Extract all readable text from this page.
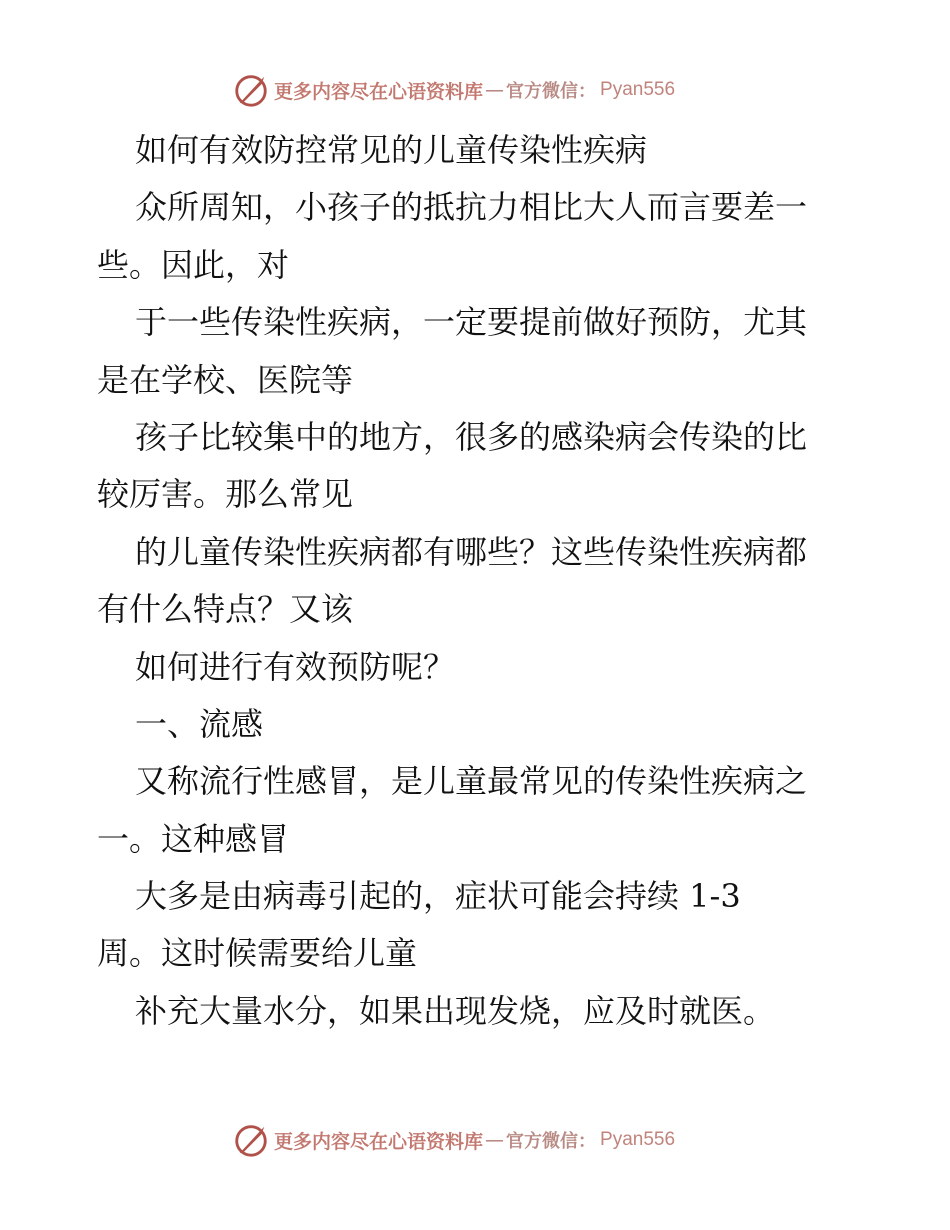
更多内容尽在心语资料库 — 官方微信： Pyan556
如何有效防控常见的儿童传染性疾病
众所周知，小孩子的抵抗力相比大人而言要差一
些。因此，对
于一些传染性疾病，一定要提前做好预防，尤其
是在学校、医院等
孩子比较集中的地方，很多的感染病会传染的比
较厉害。那么常见
的儿童传染性疾病都有哪些？这些传染性疾病都
有什么特点？又该
如何进行有效预防呢？
一、流感
又称流行性感冒，是儿童最常见的传染性疾病之
一。这种感冒
大多是由病毒引起的，症状可能会持续 1-3
周。这时候需要给儿童
补充大量水分，如果出现发烧，应及时就医。
更多内容尽在心语资料库 — 官方微信： Pyan556
